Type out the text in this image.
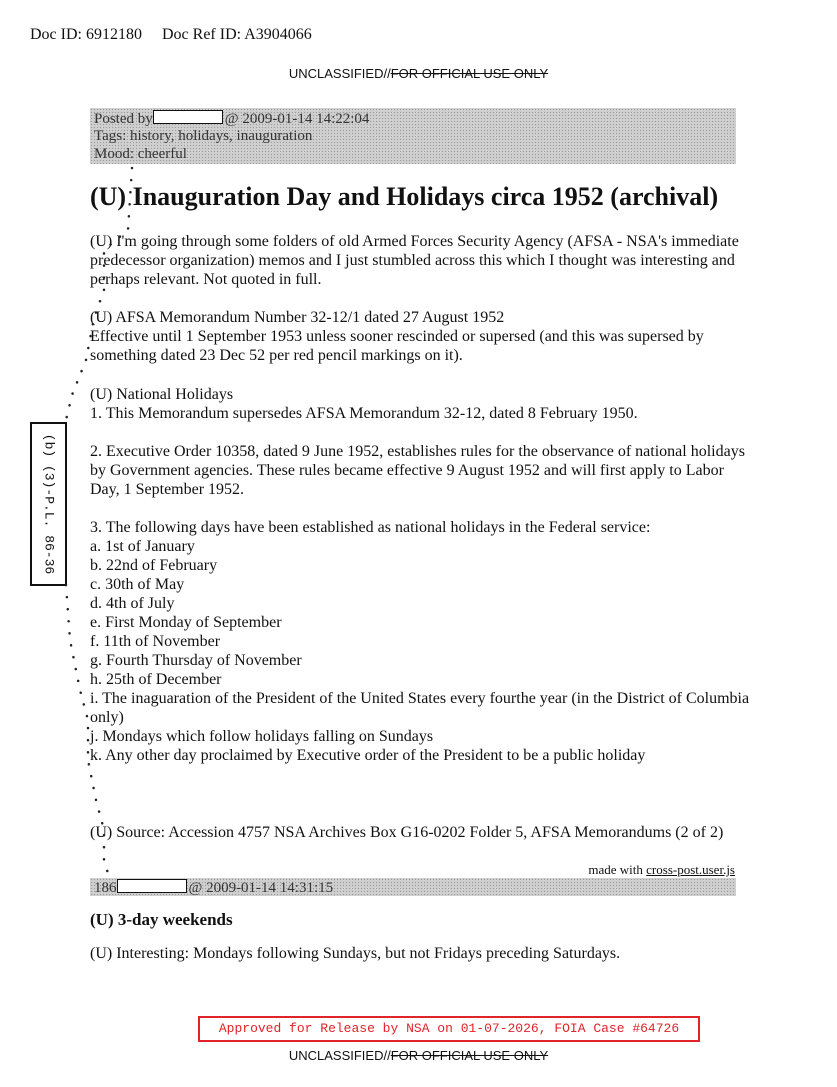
Doc ID: 6912180 Doc Ref ID: A3904066
UNCLASSIFIED//FOR OFFICIAL USE ONLY
Posted by	@ 2009-01-14 14:22:04
Tags: history, holidays, inauguration
Mood: cheerful
(U) Inauguration Day and Holidays circa 1952 (archival)
(U) I'm going through some folders of old Armed Forces Security Agency (AFSA - NSA's immediate predecessor organization) memos and I just stumbled across this which I thought was interesting and perhaps relevant. Not quoted in full.
(U) AFSA Memorandum Number 32-12/1 dated 27 August 1952
Effective until 1 September 1953 unless sooner rescinded or supersed (and this was supersed by something dated 23 Dec 52 per red pencil markings on it).
(U) National Holidays
1. This Memorandum supersedes AFSA Memorandum 32-12, dated 8 February 1950.
2. Executive Order 10358, dated 9 June 1952, establishes rules for the observance of national holidays by Government agencies. These rules became effective 9 August 1952 and will first apply to Labor Day, 1 September 1952.
3. The following days have been established as national holidays in the Federal service:
a. 1st of January
b. 22nd of February
c. 30th of May
d. 4th of July
e. First Monday of September
f. 11th of November
g. Fourth Thursday of November
h. 25th of December
i. The inaguaration of the President of the United States every fourthe year (in the District of Columbia only)
j. Mondays which follow holidays falling on Sundays
k. Any other day proclaimed by Executive order of the President to be a public holiday
(U) Source: Accession 4757 NSA Archives Box G16-0202 Folder 5, AFSA Memorandums (2 of 2)
made with cross-post.user.js
186	@ 2009-01-14 14:31:15
(U) 3-day weekends
(U) Interesting: Mondays following Sundays, but not Fridays preceding Saturdays.
(b) (3)-P.L. 86-36
Approved for Release by NSA on 01-07-2026, FOIA Case #64726
UNCLASSIFIED//FOR OFFICIAL USE ONLY
